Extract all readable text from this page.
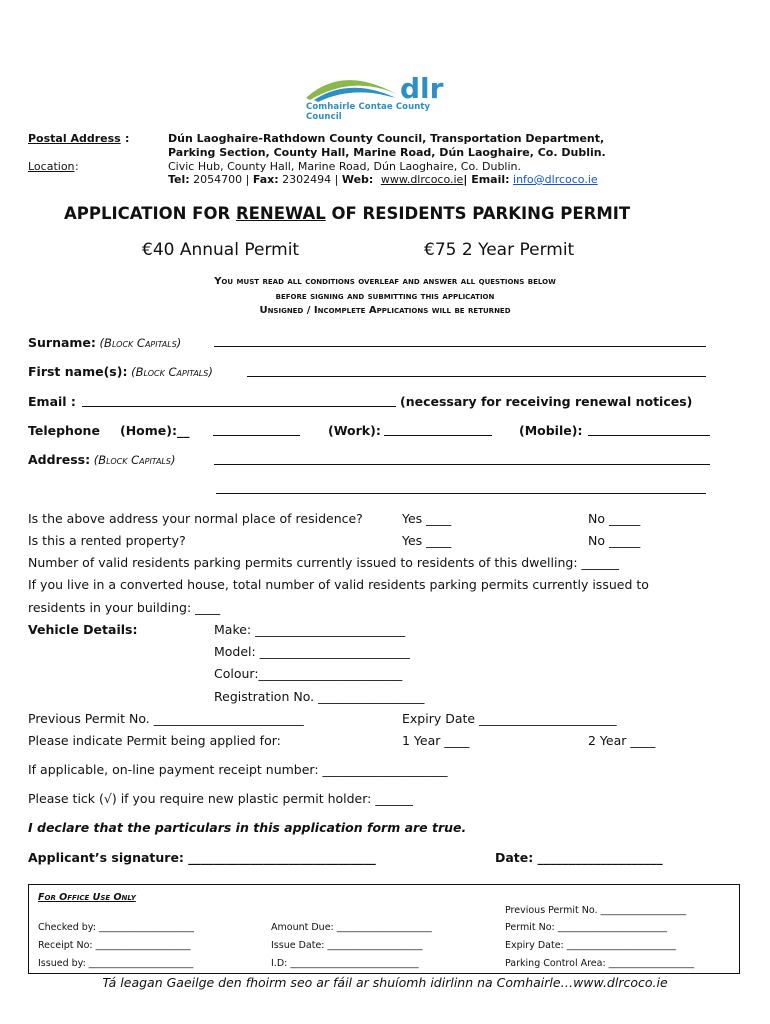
dlr
Comhairle Contae County Council
Postal Address :	Dún Laoghaire-Rathdown County Council, Transportation Department,
Parking Section, County Hall, Marine Road, Dún Laoghaire, Co. Dublin.
Location :	Civic Hub, County Hall, Marine Road, Dún Laoghaire, Co. Dublin.
Tel: 2054700 | Fax: 2302494 | Web: www.dlrcoco.ie| Email: info@dlrcoco.ie
APPLICATION FOR RENEWAL OF RESIDENTS PARKING PERMIT
€40 Annual Permit	€75 2 Year Permit
You must read all conditions overleaf and answer all questions below
before signing and submitting this application
Unsigned / Incomplete Applications will be returned
Surname: (Block Capitals)
First name(s): (Block Capitals)
Email :	(necessary for receiving renewal notices)
Telephone (Home):__	(Work):	(Mobile):
Address: (Block Capitals)
Is the above address your normal place of residence?	Yes ____	No _____
Is this a rented property?	Yes ____	No _____
Number of valid residents parking permits currently issued to residents of this dwelling: ______
If you live in a converted house, total number of valid residents parking permits currently issued to
residents in your building: ____
Vehicle Details:	Make: ________________________
Model: ________________________
Colour:_______________________
Registration No. _________________
Previous Permit No. ________________________	Expiry Date ______________________
Please indicate Permit being applied for:	1 Year ____	2 Year ____
If applicable, on-line payment receipt number: ____________________
Please tick (√) if you require new plastic permit holder: ______
I declare that the particulars in this application form are true.
Applicant’s signature: ______________________________	Date: ____________________
For Office Use Only
Previous Permit No. __________________
Checked by: ____________________	Amount Due: ____________________	Permit No: _______________________
Receipt No: ____________________	Issue Date: ____________________	Expiry Date: _______________________
Issued by: ______________________	I.D: ___________________________	Parking Control Area: __________________
Tá leagan Gaeilge den fhoirm seo ar fáil ar shuíomh idirlinn na Comhairle…www.dlrcoco.ie
